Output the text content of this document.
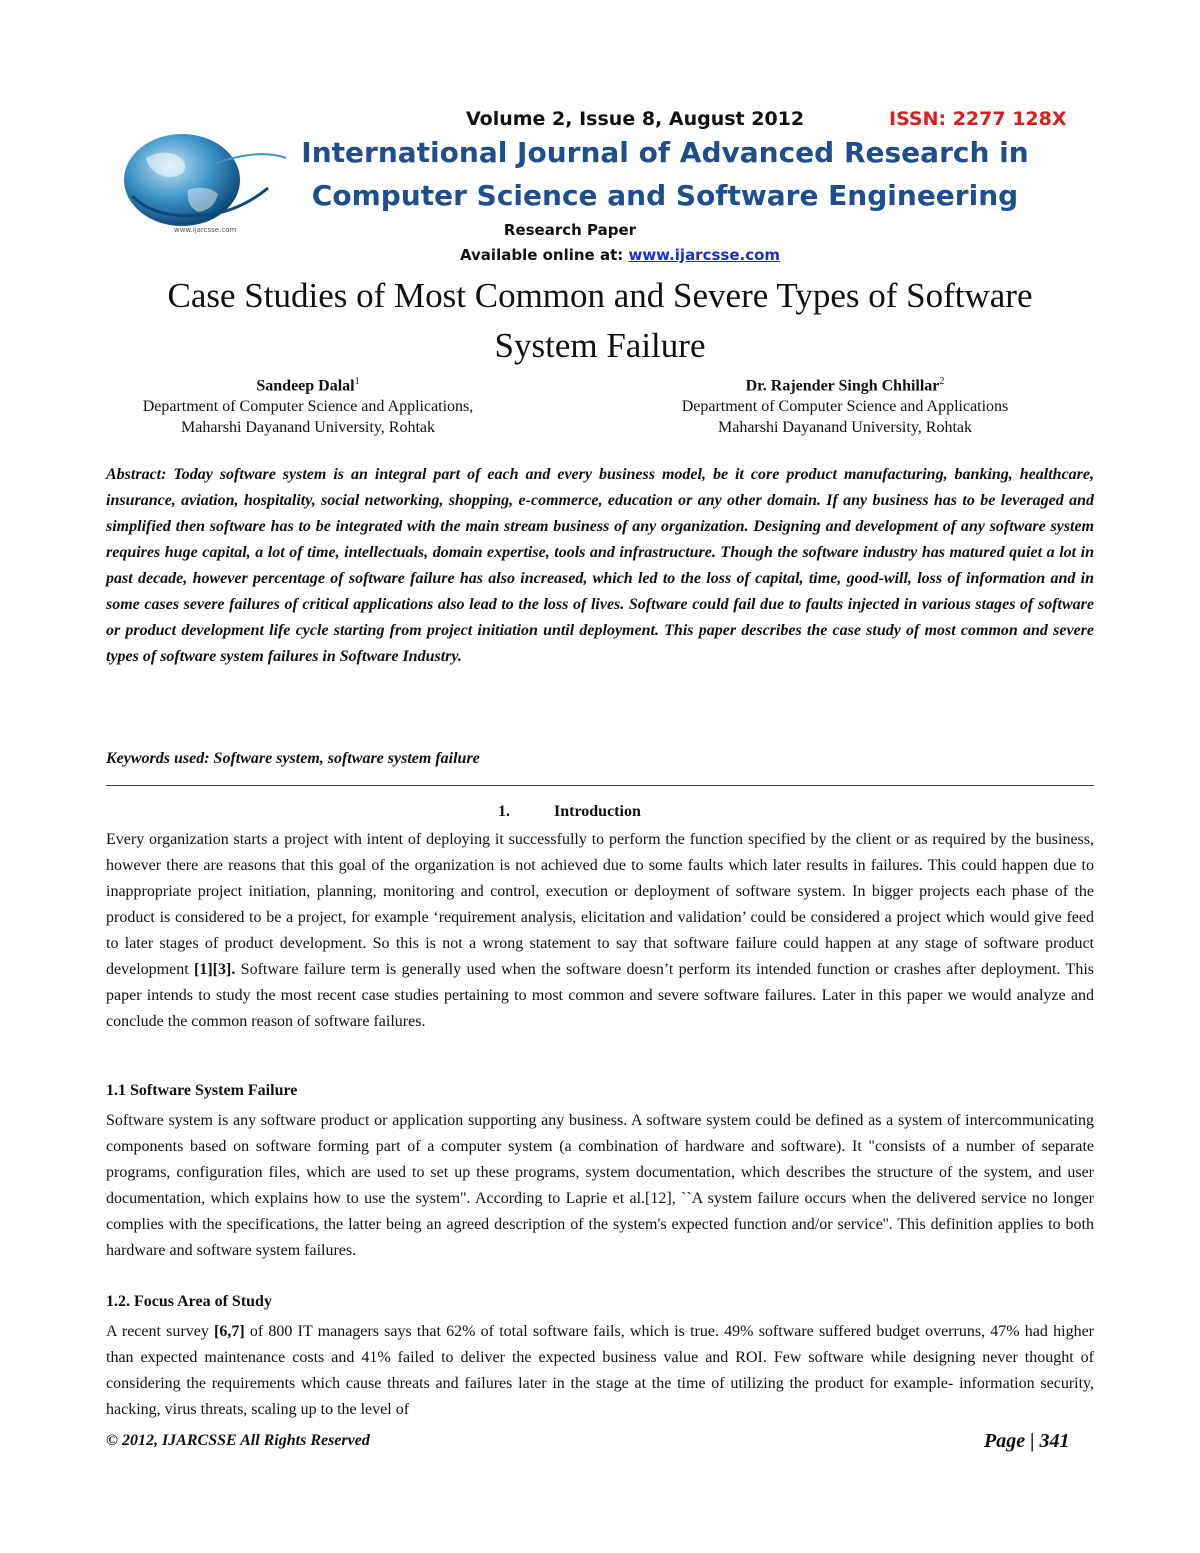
www.ijarcsse.com
Volume 2, Issue 8, August 2012	ISSN: 2277 128X
International Journal of Advanced Research in
Computer Science and Software Engineering
Research Paper
Available online at: www.ijarcsse.com
Case Studies of Most Common and Severe Types of Software
System Failure
Sandeep Dalal$^1$
Department of Computer Science and Applications,
Maharshi Dayanand University, Rohtak
Dr. Rajender Singh Chhillar$^2$
Department of Computer Science and Applications
Maharshi Dayanand University, Rohtak
Abstract: Today software system is an integral part of each and every business model, be it core product manufacturing, banking, healthcare, insurance, aviation, hospitality, social networking, shopping, e-commerce, education or any other domain. If any business has to be leveraged and simplified then software has to be integrated with the main stream business of any organization. Designing and development of any software system requires huge capital, a lot of time, intellectuals, domain expertise, tools and infrastructure. Though the software industry has matured quiet a lot in past decade, however percentage of software failure has also increased, which led to the loss of capital, time, good-will, loss of information and in some cases severe failures of critical applications also lead to the loss of lives. Software could fail due to faults injected in various stages of software or product development life cycle starting from project initiation until deployment. This paper describes the case study of most common and severe types of software system failures in Software Industry.
Keywords used: Software system, software system failure
1.	Introduction
Every organization starts a project with intent of deploying it successfully to perform the function specified by the client or as required by the business, however there are reasons that this goal of the organization is not achieved due to some faults which later results in failures. This could happen due to inappropriate project initiation, planning, monitoring and control, execution or deployment of software system. In bigger projects each phase of the product is considered to be a project, for example ‘requirement analysis, elicitation and validation’ could be considered a project which would give feed to later stages of product development. So this is not a wrong statement to say that software failure could happen at any stage of software product development [1][3]. Software failure term is generally used when the software doesn’t perform its intended function or crashes after deployment. This paper intends to study the most recent case studies pertaining to most common and severe software failures. Later in this paper we would analyze and conclude the common reason of software failures.
1.1 Software System Failure
Software system is any software product or application supporting any business. A software system could be defined as a system of intercommunicating components based on software forming part of a computer system (a combination of hardware and software). It "consists of a number of separate programs, configuration files, which are used to set up these programs, system documentation, which describes the structure of the system, and user documentation, which explains how to use the system". According to Laprie et al.[12], ``A system failure occurs when the delivered service no longer complies with the specifications, the latter being an agreed description of the system's expected function and/or service''. This definition applies to both hardware and software system failures.
1.2. Focus Area of Study
A recent survey [6,7] of 800 IT managers says that 62% of total software fails, which is true. 49% software suffered budget overruns, 47% had higher than expected maintenance costs and 41% failed to deliver the expected business value and ROI. Few software while designing never thought of considering the requirements which cause threats and failures later in the stage at the time of utilizing the product for example- information security, hacking, virus threats, scaling up to the level of
© 2012, IJARCSSE All Rights Reserved	Page | 341
